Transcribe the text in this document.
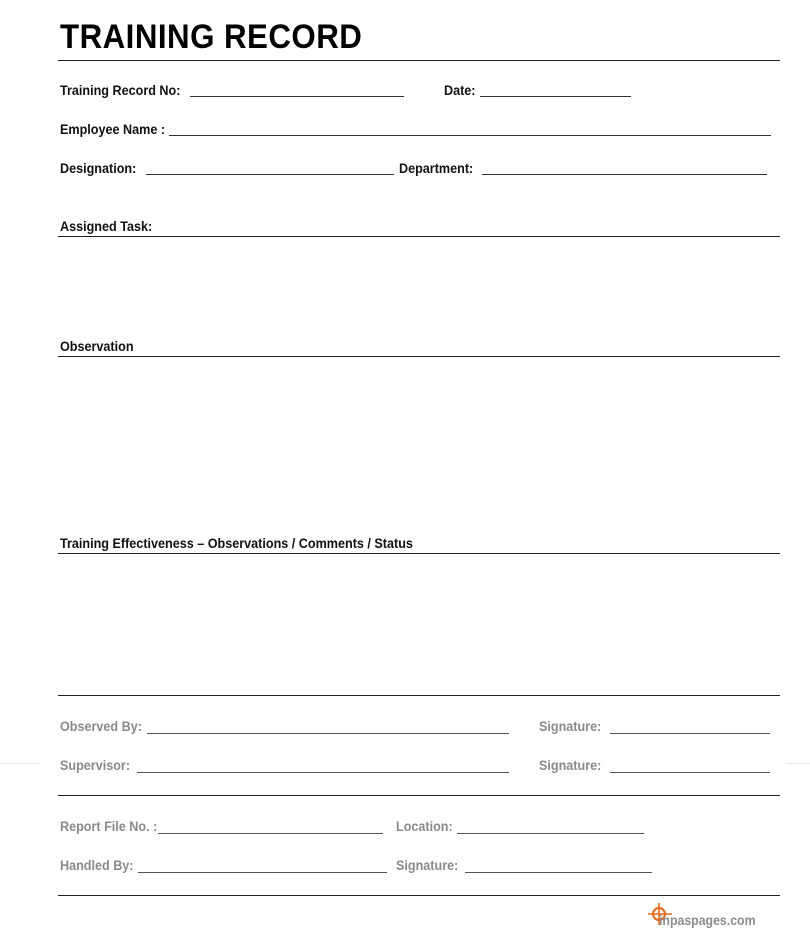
TRAINING RECORD
Training Record No:	Date:
Employee Name :
Designation:	Department:
Assigned Task:
Observation
Training Effectiveness – Observations / Comments / Status
Observed By:	Signature:
Supervisor:	Signature:
Report File No. :	Location:
Handled By:	Signature:
inpaspages.com
